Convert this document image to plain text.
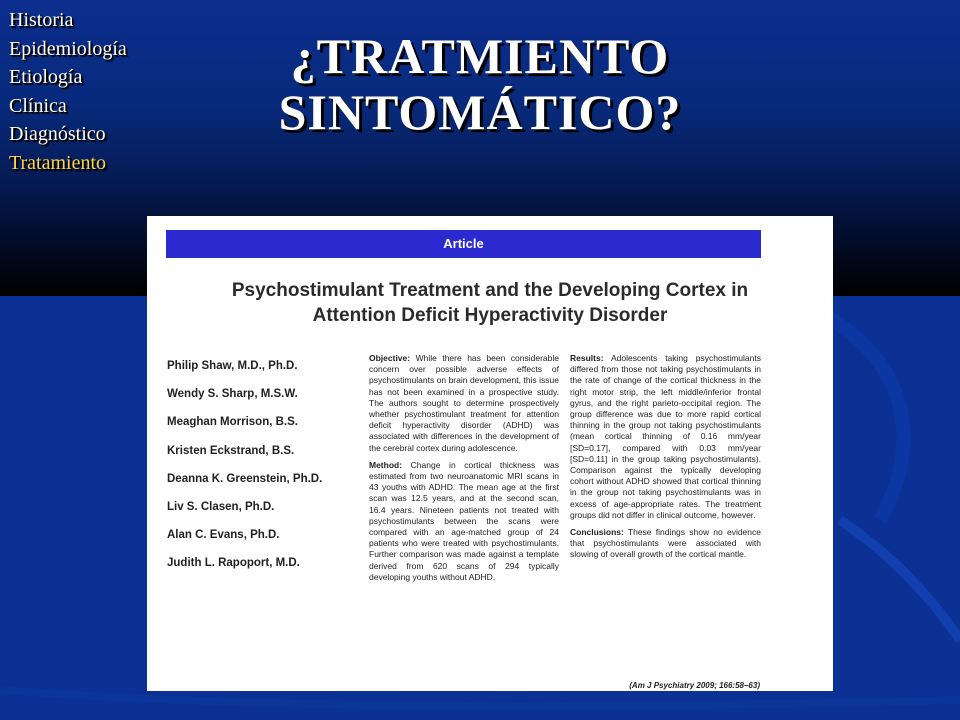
Historia
Epidemiología
Etiología
Clínica
Diagnóstico
Tratamiento
¿TRATMIENTO
SINTOMÁTICO?
Article
Psychostimulant Treatment and the Developing Cortex in
Attention Deficit Hyperactivity Disorder
Philip Shaw, M.D., Ph.D.
Wendy S. Sharp, M.S.W.
Meaghan Morrison, B.S.
Kristen Eckstrand, B.S.
Deanna K. Greenstein, Ph.D.
Liv S. Clasen, Ph.D.
Alan C. Evans, Ph.D.
Judith L. Rapoport, M.D.

Objective: While there has been considerable concern over possible adverse effects of psychostimulants on brain development, this issue has not been examined in a prospective study. The authors sought to determine prospectively whether psychostimulant treatment for attention deficit hyperactivity disorder (ADHD) was associated with differences in the development of the cerebral cortex during adolescence.

Method: Change in cortical thickness was estimated from two neuroanatomic MRI scans in 43 youths with ADHD. The mean age at the first scan was 12.5 years, and at the second scan, 16.4 years. Nineteen patients not treated with psychostimulants between the scans were compared with an age-matched group of 24 patients who were treated with psychostimulants. Further comparison was made against a template derived from 620 scans of 294 typically developing youths without ADHD.

Results: Adolescents taking psychostimulants differed from those not taking psychostimulants in the rate of change of the cortical thickness in the right motor strip, the left middle/inferior frontal gyrus, and the right parieto-occipital region. The group difference was due to more rapid cortical thinning in the group not taking psychostimulants (mean cortical thinning of 0.16 mm/year [SD=0.17], compared with 0.03 mm/year [SD=0.11] in the group taking psychostimulants). Comparison against the typically developing cohort without ADHD showed that cortical thinning in the group not taking psychostimulants was in excess of age-appropriate rates. The treatment groups did not differ in clinical outcome, however.

Conclusions: These findings show no evidence that psychostimulants were associated with slowing of overall growth of the cortical mantle.

(Am J Psychiatry 2009; 166:58–63)
